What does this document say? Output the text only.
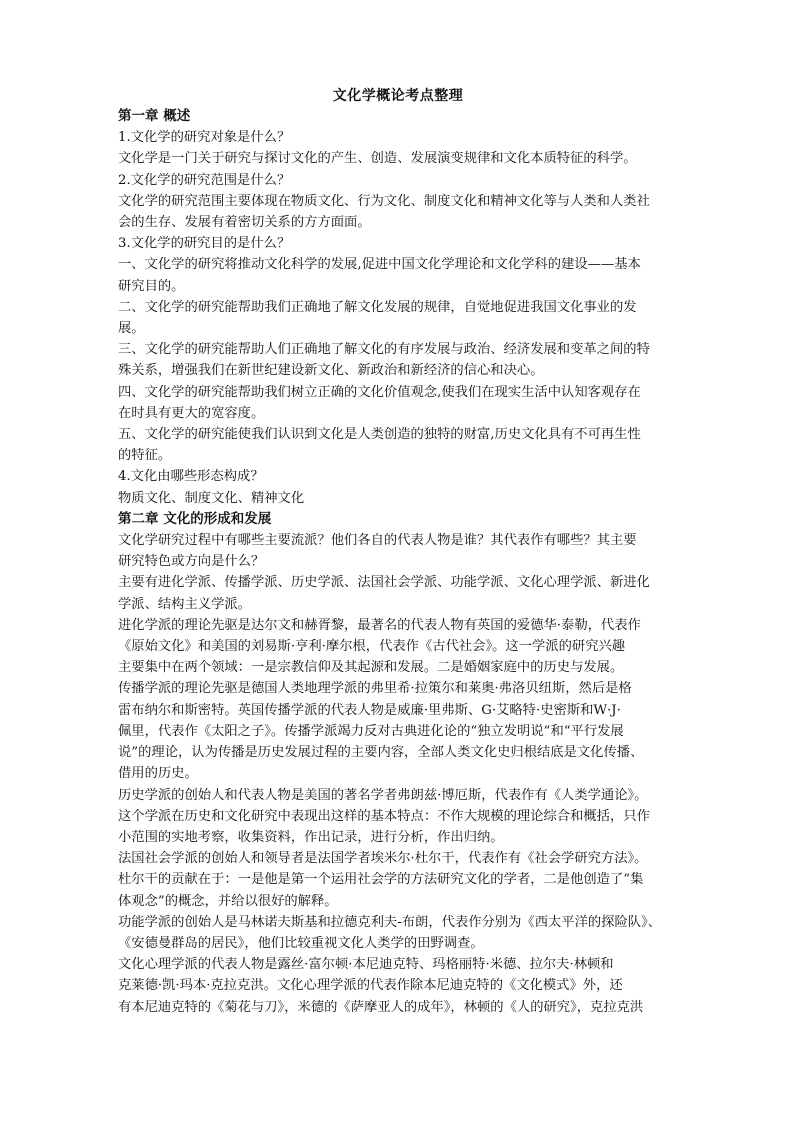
文化学概论考点整理
第一章 概述
1.文化学的研究对象是什么？
文化学是一门关于研究与探讨文化的产生、创造、发展演变规律和文化本质特征的科学。
2.文化学的研究范围是什么？
文化学的研究范围主要体现在物质文化、行为文化、制度文化和精神文化等与人类和人类社
会的生存、发展有着密切关系的方方面面。
3.文化学的研究目的是什么？
一、文化学的研究将推动文化科学的发展,促进中国文化学理论和文化学科的建设——基本
研究目的。
二、文化学的研究能帮助我们正确地了解文化发展的规律，自觉地促进我国文化事业的发
展。
三、文化学的研究能帮助人们正确地了解文化的有序发展与政治、经济发展和变革之间的特
殊关系，增强我们在新世纪建设新文化、新政治和新经济的信心和决心。
四、文化学的研究能帮助我们树立正确的文化价值观念,使我们在现实生活中认知客观存在
在时具有更大的宽容度。
五、文化学的研究能使我们认识到文化是人类创造的独特的财富,历史文化具有不可再生性
的特征。
4.文化由哪些形态构成？
物质文化、制度文化、精神文化
第二章 文化的形成和发展
文化学研究过程中有哪些主要流派？他们各自的代表人物是谁？其代表作有哪些？其主要
研究特色或方向是什么？
主要有进化学派、传播学派、历史学派、法国社会学派、功能学派、文化心理学派、新进化
学派、结构主义学派。
进化学派的理论先驱是达尔文和赫胥黎，最著名的代表人物有英国的爱德华·泰勒，代表作
《原始文化》和美国的刘易斯·亨利·摩尔根，代表作《古代社会》。这一学派的研究兴趣
主要集中在两个领域：一是宗教信仰及其起源和发展。二是婚姻家庭中的历史与发展。
传播学派的理论先驱是德国人类地理学派的弗里希·拉策尔和莱奥·弗洛贝纽斯，然后是格
雷布纳尔和斯密特。英国传播学派的代表人物是威廉·里弗斯、G·艾略特·史密斯和W·J·
佩里，代表作《太阳之子》。传播学派竭力反对古典进化论的“独立发明说”和“平行发展
说”的理论，认为传播是历史发展过程的主要内容，全部人类文化史归根结底是文化传播、
借用的历史。
历史学派的创始人和代表人物是美国的著名学者弗朗兹·博厄斯，代表作有《人类学通论》。
这个学派在历史和文化研究中表现出这样的基本特点：不作大规模的理论综合和概括，只作
小范围的实地考察，收集资料，作出记录，进行分析，作出归纳。
法国社会学派的创始人和领导者是法国学者埃米尔·杜尔干，代表作有《社会学研究方法》。
杜尔干的贡献在于：一是他是第一个运用社会学的方法研究文化的学者，二是他创造了“集
体观念”的概念，并给以很好的解释。
功能学派的创始人是马林诺夫斯基和拉德克利夫-布朗，代表作分别为《西太平洋的探险队》、
《安德曼群岛的居民》，他们比较重视文化人类学的田野调查。
文化心理学派的代表人物是露丝·富尔顿·本尼迪克特、玛格丽特·米德、拉尔夫·林顿和
克莱德·凯·玛本·克拉克洪。文化心理学派的代表作除本尼迪克特的《文化模式》外，还
有本尼迪克特的《菊花与刀》，米德的《萨摩亚人的成年》，林顿的《人的研究》，克拉克洪
